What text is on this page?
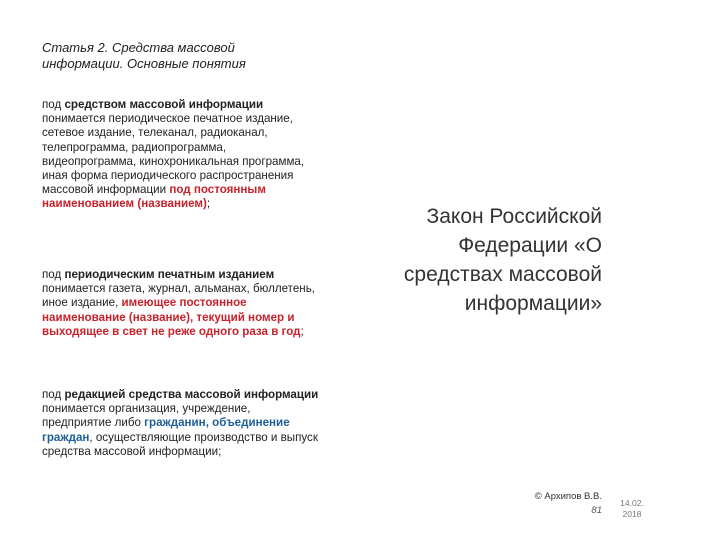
Статья 2. Средства массовой
информации. Основные понятия
под средством массовой информации понимается периодическое печатное издание, сетевое издание, телеканал, радиоканал, телепрограмма, радиопрограмма, видеопрограмма, кинохроникальная программа, иная форма периодического распространения массовой информации под постоянным наименованием (названием);
под периодическим печатным изданием понимается газета, журнал, альманах, бюллетень, иное издание, имеющее постоянное наименование (название), текущий номер и выходящее в свет не реже одного раза в год;
под редакцией средства массовой информации понимается организация, учреждение, предприятие либо гражданин, объединение граждан, осуществляющие производство и выпуск средства массовой информации;
Закон Российской
Федерации «О
средствах массовой
информации»
© Архипов В.В.
81
14.02.
2018
